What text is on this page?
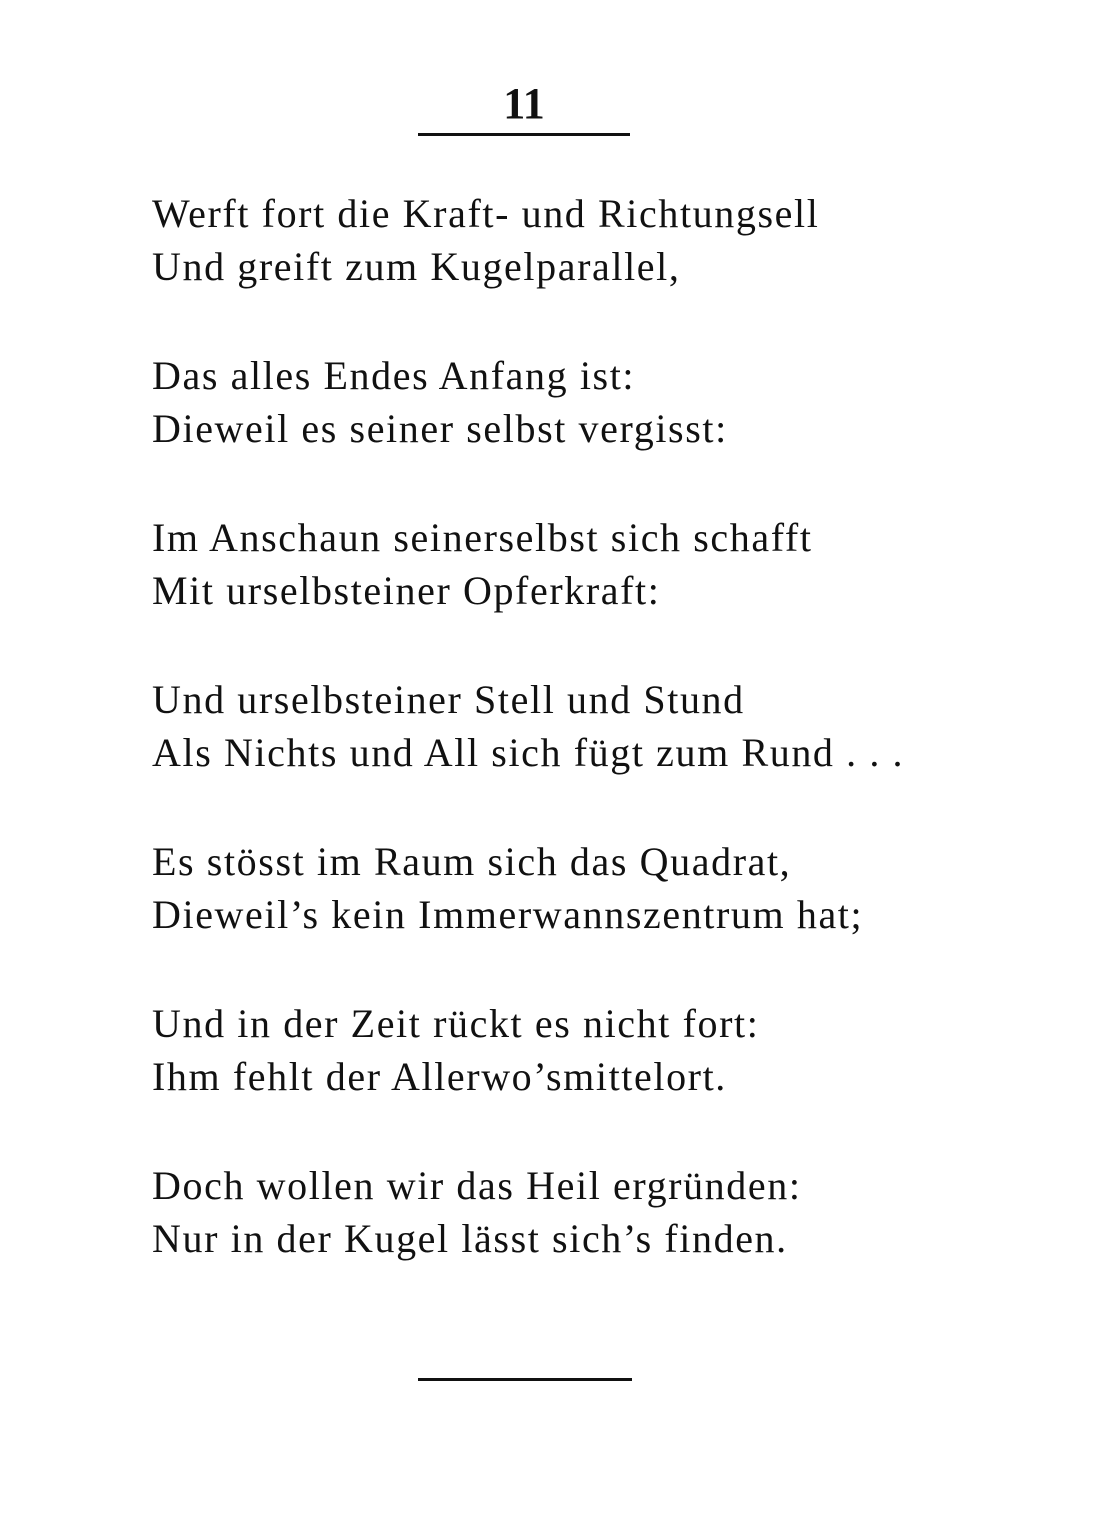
11
Werft fort die Kraft- und Richtungsell
Und greift zum Kugelparallel,
Das alles Endes Anfang ist:
Dieweil es seiner selbst vergisst:
Im Anschaun seinerselbst sich schafft
Mit urselbsteiner Opferkraft:
Und urselbsteiner Stell und Stund
Als Nichts und All sich fügt zum Rund . . .
Es stösst im Raum sich das Quadrat,
Dieweil’s kein Immerwannszentrum hat;
Und in der Zeit rückt es nicht fort:
Ihm fehlt der Allerwo’smittelort.
Doch wollen wir das Heil ergründen:
Nur in der Kugel lässt sich’s finden.
